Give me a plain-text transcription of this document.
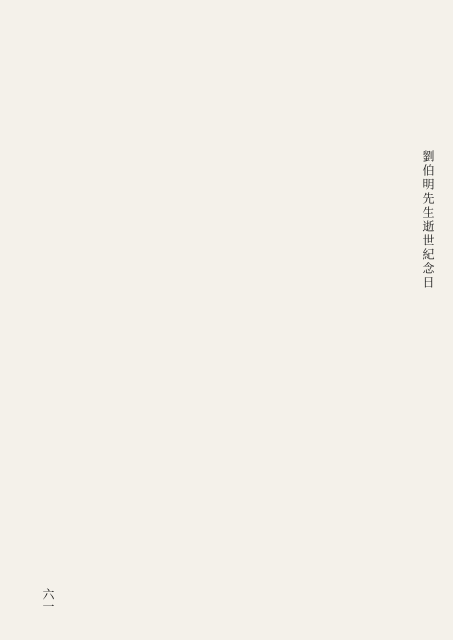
劉伯明先生逝世紀念日
六一
